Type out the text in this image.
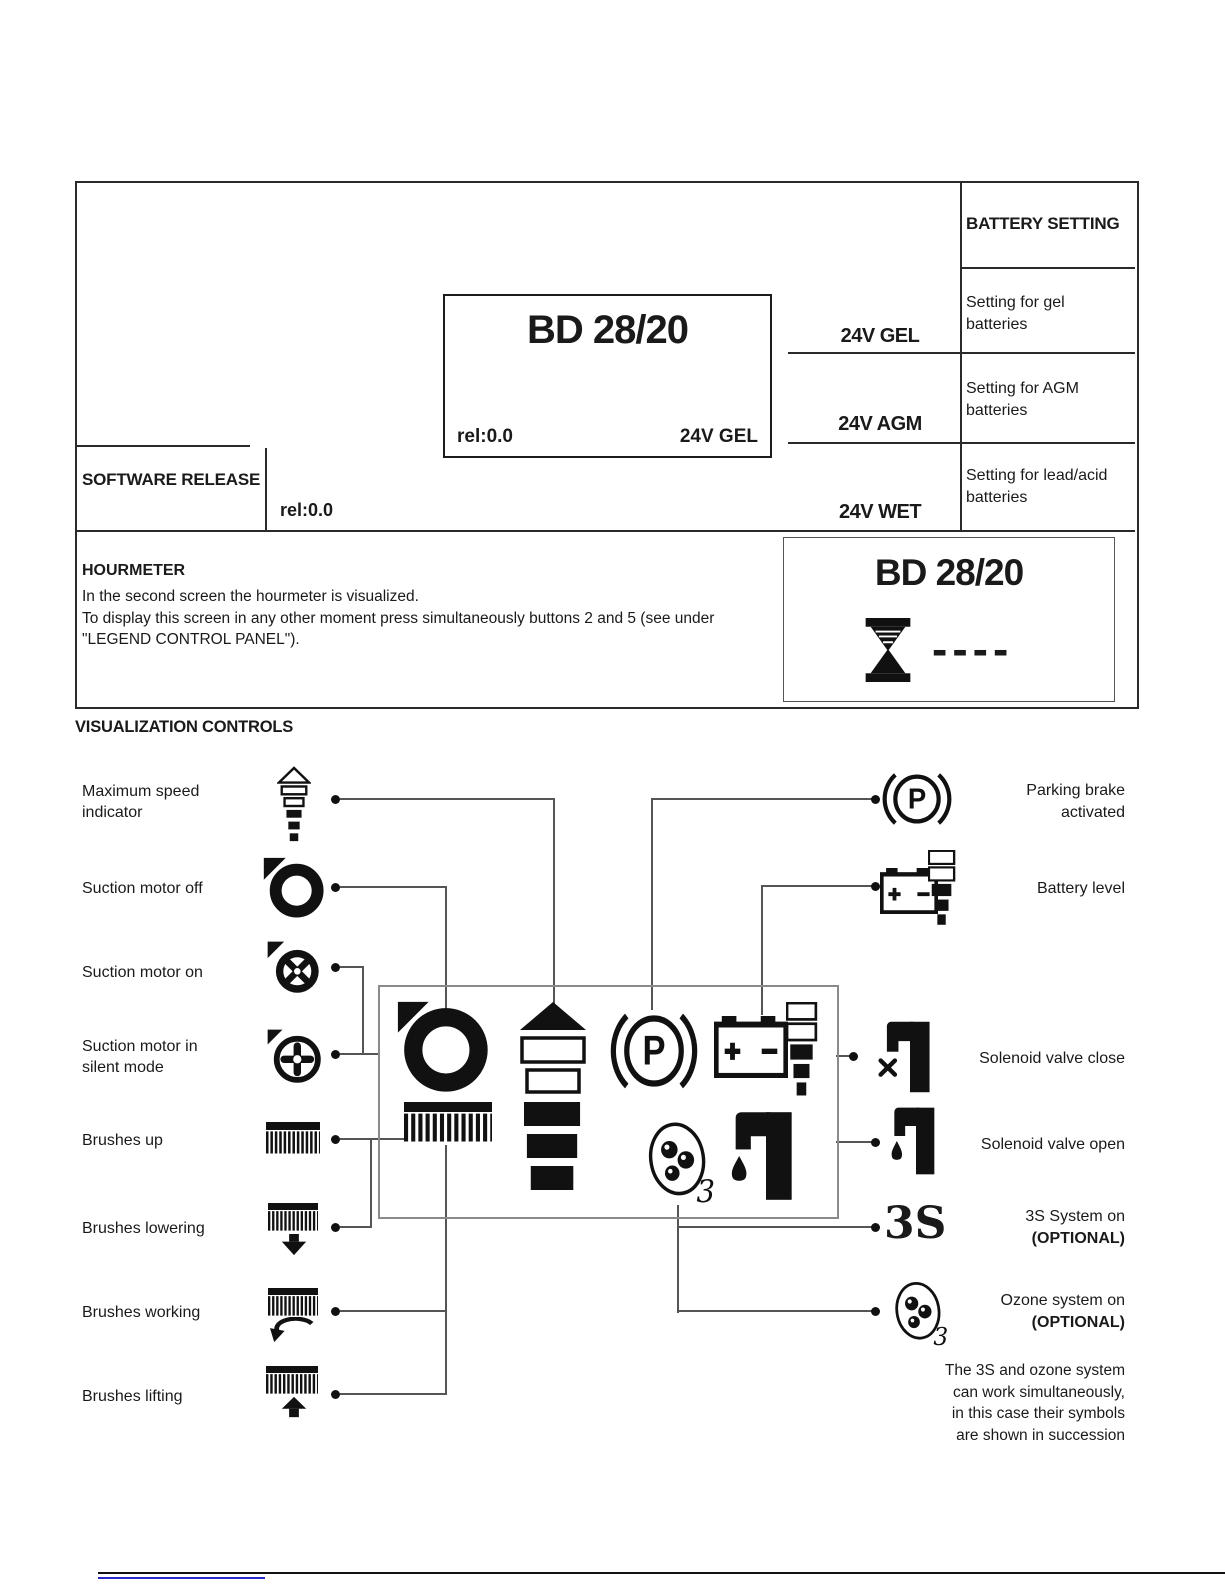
BATTERY SETTING
Setting for gel batteries
Setting for AGM batteries
Setting for lead/acid batteries
24V GEL
24V AGM
24V WET
BD 28/20
rel:0.0	24V GEL
SOFTWARE RELEASE
rel:0.0
HOURMETER
In the second screen the hourmeter is visualized.
To display this screen in any other moment press simultaneously buttons 2 and 5 (see under "LEGEND CONTROL PANEL").
BD 28/20
----
VISUALIZATION CONTROLS
Maximum speed indicator
Suction motor off
Suction motor on
Suction motor in silent mode
Brushes up
Brushes lowering
Brushes working
Brushes lifting
3S
Parking brake activated
Battery level
Solenoid valve close
Solenoid valve open
3S System on
(OPTIONAL)
Ozone system on
(OPTIONAL)
The 3S and ozone system can work simultaneously, in this case their symbols are shown in succession
